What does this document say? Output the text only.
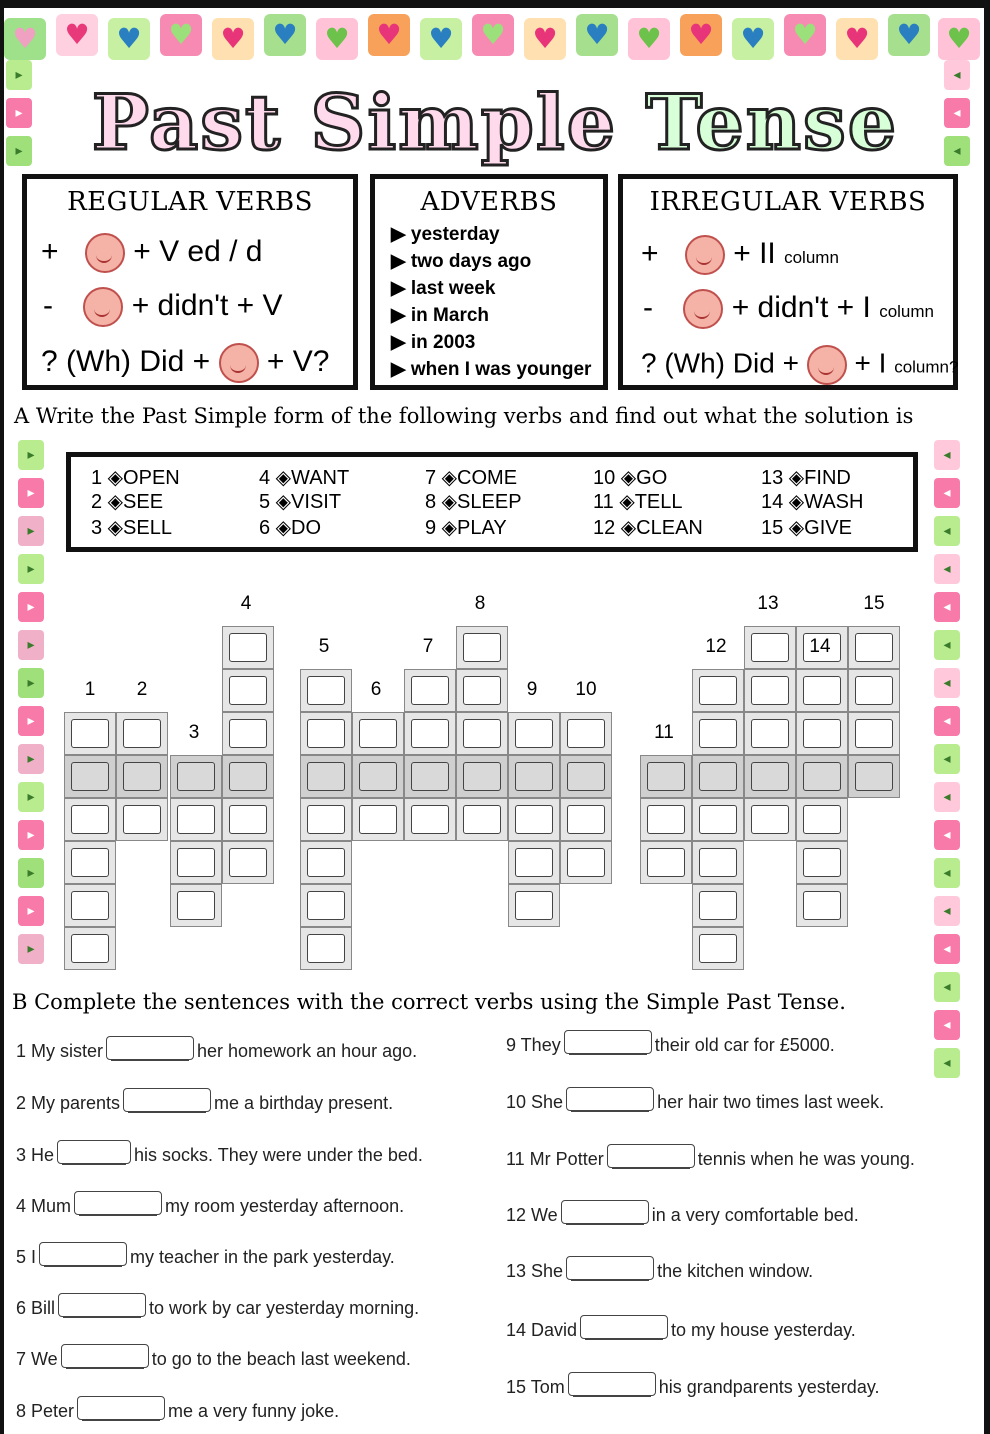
♥ ♥ ♥ ♥ ♥ ♥ ♥ ♥ ♥ ♥ ♥ ♥ ♥ ♥ ♥ ♥ ♥ ♥ ♥
▸
▸
▸
◂
◂
◂
▸
▸
▸
▸
▸
▸
▸
▸
▸
▸
▸
▸
▸
▸
◂
◂
◂
◂
◂
◂
◂
◂
◂
◂
◂
◂
◂
◂
◂
◂
◂
Past Simple Tense
REGULAR VERBS
+ + V ed / d
-	+ didn't + V
? (Wh) Did + + V?
ADVERBS
▶ yesterday
▶ two days ago
▶ last week
▶ in March
▶ in 2003
▶ when I was younger
IRREGULAR VERBS
+ + II column
-	+ didn't + I column
? (Wh) Did + + I column?
A Write the Past Simple form of the following verbs and find out what the solution is
1 ◈OPEN
2 ◈SEE
3 ◈SELL
4 ◈WANT
5 ◈VISIT
6 ◈DO
7 ◈COME
8 ◈SLEEP
9 ◈PLAY
10 ◈GO
11 ◈TELL
12 ◈CLEAN
13 ◈FIND
14 ◈WASH
15 ◈GIVE
4	8	13	15
5	7	12	14
1	2	6	9	10
3	11
B Complete the sentences with the correct verbs using the Simple Past Tense.
1 My sister	her homework an hour ago.
2 My parents	me a birthday present.
3 He	his socks. They were under the bed.
4 Mum	my room yesterday afternoon.
5 I	my teacher in the park yesterday.
6 Bill	to work by car yesterday morning.
7 We	to go to the beach last weekend.
8 Peter	me a very funny joke.
9 They	their old car for £5000.
10 She	her hair two times last week.
11 Mr Potter	tennis when he was young.
12 We	in a very comfortable bed.
13 She	the kitchen window.
14 David	to my house yesterday.
15 Tom	his grandparents yesterday.
